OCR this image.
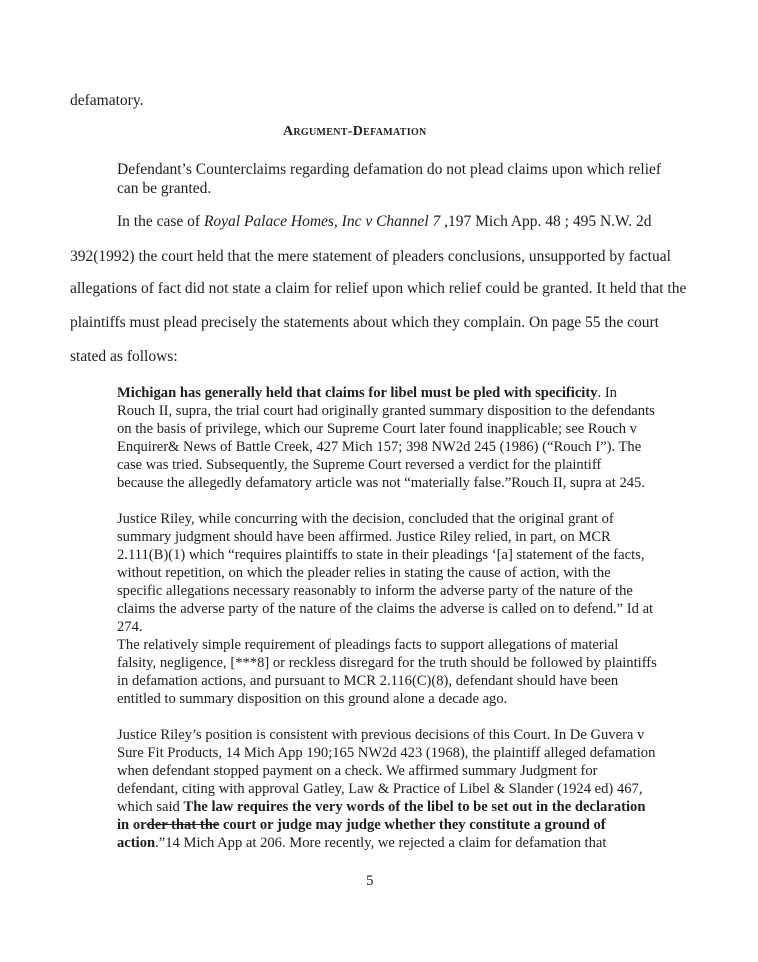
defamatory.
Argument-Defamation
Defendant’s Counterclaims regarding defamation do not plead claims upon which relief
can be granted.
In the case of Royal Palace Homes, Inc v Channel 7 ,197 Mich App. 48 ; 495 N.W. 2d
392(1992) the court held that the mere statement of pleaders conclusions, unsupported by factual
allegations of fact did not state a claim for relief upon which relief could be granted. It held that the
plaintiffs must plead precisely the statements about which they complain. On page 55 the court
stated as follows:
Michigan has generally held that claims for libel must be pled with specificity. In
Rouch II, supra, the trial court had originally granted summary disposition to the defendants
on the basis of privilege, which our Supreme Court later found inapplicable; see Rouch v
Enquirer& News of Battle Creek, 427 Mich 157; 398 NW2d 245 (1986) (“Rouch I”). The
case was tried. Subsequently, the Supreme Court reversed a verdict for the plaintiff
because the allegedly defamatory article was not “materially false.”Rouch II, supra at 245.
Justice Riley, while concurring with the decision, concluded that the original grant of
summary judgment should have been affirmed. Justice Riley relied, in part, on MCR
2.111(B)(1) which “requires plaintiffs to state in their pleadings ‘[a] statement of the facts,
without repetition, on which the pleader relies in stating the cause of action, with the
specific allegations necessary reasonably to inform the adverse party of the nature of the
claims the adverse party of the nature of the claims the adverse is called on to defend.” Id at
274.
The relatively simple requirement of pleadings facts to support allegations of material
falsity, negligence, [***8] or reckless disregard for the truth should be followed by plaintiffs
in defamation actions, and pursuant to MCR 2.116(C)(8), defendant should have been
entitled to summary disposition on this ground alone a decade ago.
Justice Riley’s position is consistent with previous decisions of this Court. In De Guvera v
Sure Fit Products, 14 Mich App 190;165 NW2d 423 (1968), the plaintiff alleged defamation
when defendant stopped payment on a check. We affirmed summary Judgment for
defendant, citing with approval Gatley, Law & Practice of Libel & Slander (1924 ed) 467,
which said The law requires the very words of the libel to be set out in the declaration
in order that the court or judge may judge whether they constitute a ground of
action.”14 Mich App at 206. More recently, we rejected a claim for defamation that
5
